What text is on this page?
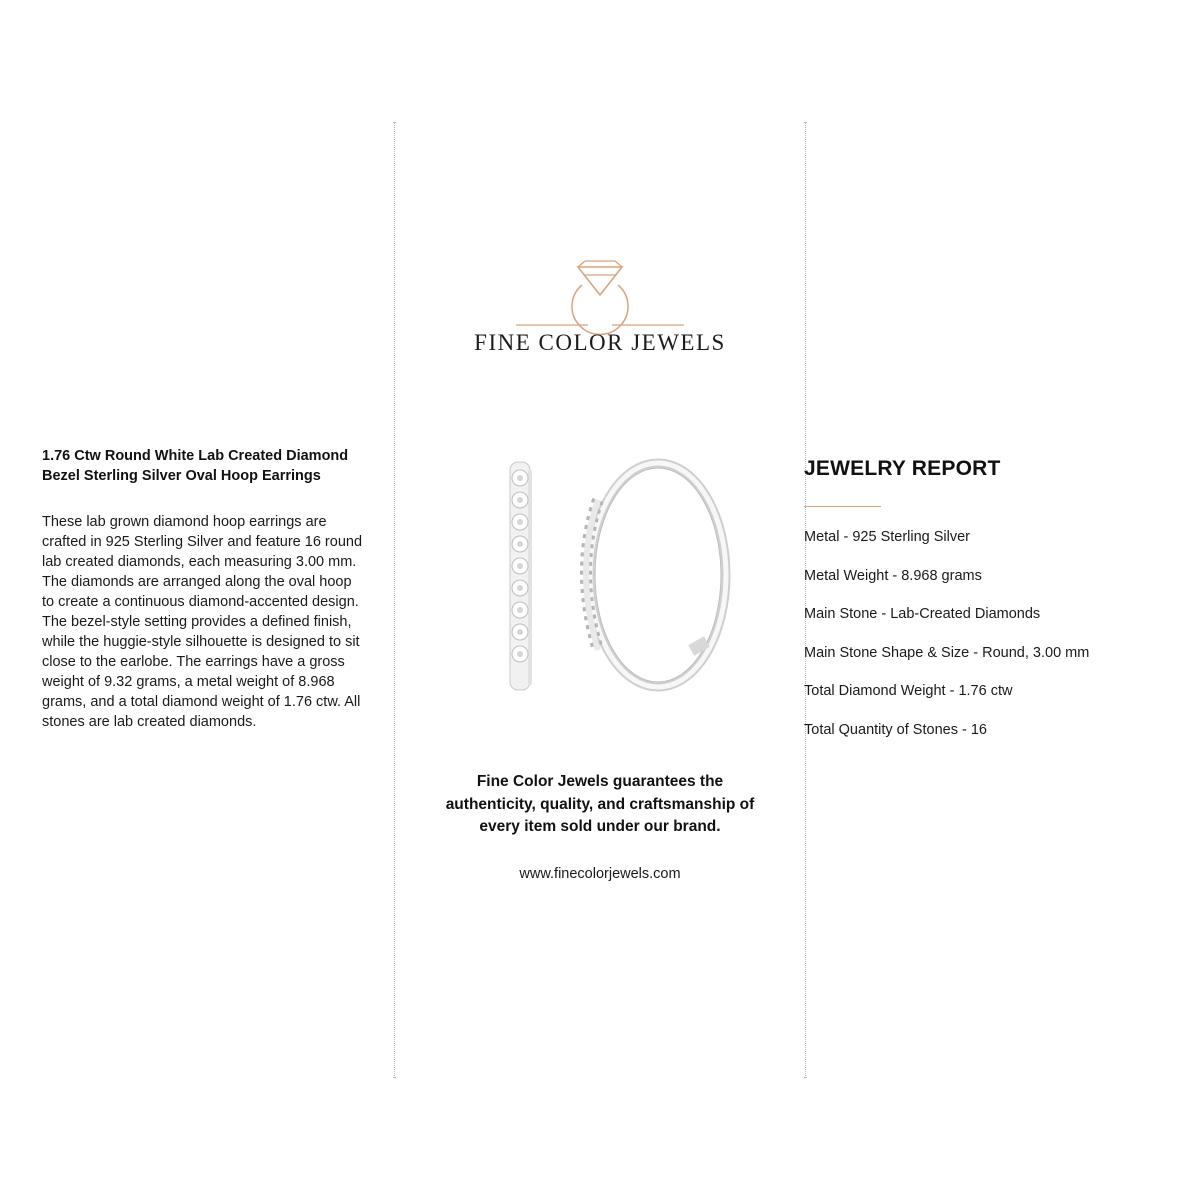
1.76 Ctw Round White Lab Created Diamond Bezel Sterling Silver Oval Hoop Earrings

These lab grown diamond hoop earrings are crafted in 925 Sterling Silver and feature 16 round lab created diamonds, each measuring 3.00 mm. The diamonds are arranged along the oval hoop to create a continuous diamond-accented design. The bezel-style setting provides a defined finish, while the huggie-style silhouette is designed to sit close to the earlobe. The earrings have a gross weight of 9.32 grams, a metal weight of 8.968 grams, and a total diamond weight of 1.76 ctw. All stones are lab created diamonds.

FINE COLOR JEWELS

Fine Color Jewels guarantees the authenticity, quality, and craftsmanship of every item sold under our brand.

www.finecolorjewels.com
JEWELRY REPORT
Metal - 925 Sterling Silver
Metal Weight - 8.968 grams
Main Stone - Lab-Created Diamonds
Main Stone Shape & Size - Round, 3.00 mm
Total Diamond Weight - 1.76 ctw
Total Quantity of Stones - 16
